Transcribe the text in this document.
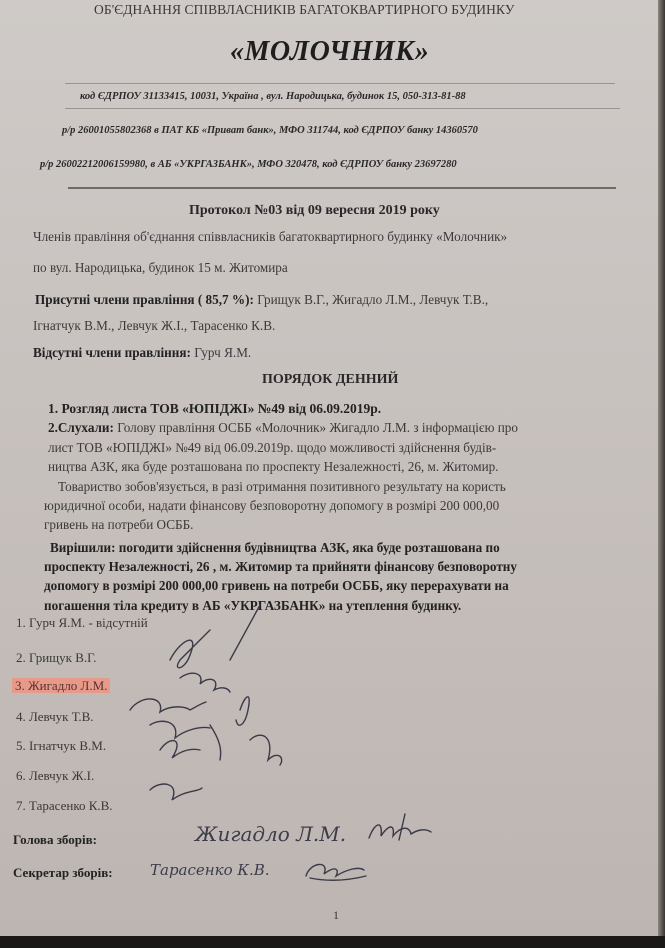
ОБ'ЄДНАННЯ СПІВВЛАСНИКІВ БАГАТОКВАРТИРНОГО БУДИНКУ
«МОЛОЧНИК»
код ЄДРПОУ 31133415, 10031, Україна , вул. Народицька, будинок 15, 050-313-81-88
р/р 26001055802368 в ПАТ КБ «Приват банк», МФО 311744, код ЄДРПОУ банку 14360570
р/р 26002212006159980, в АБ «УКРГАЗБАНК», МФО 320478, код ЄДРПОУ банку 23697280
Протокол №03 від 09 вересня 2019 року
Членів правління об'єднання співвласників багатоквартирного будинку «Молочник»
по вул. Народицька, будинок 15 м. Житомира
Присутні члени правління ( 85,7 %): Грищук В.Г., Жигадло Л.М., Левчук Т.В.,
Ігнатчук В.М., Левчук Ж.І., Тарасенко К.В.
Відсутні члени правління: Гурч Я.М.
ПОРЯДОК ДЕННИЙ
1. Розгляд листа ТОВ «ЮПІДЖІ» №49 від 06.09.2019р.
2.Слухали: Голову правління ОСББ «Молочник» Жигадло Л.М. з інформацією про
лист ТОВ «ЮПІДЖІ» №49 від 06.09.2019р. щодо можливості здійснення будів-
ництва АЗК, яка буде розташована по проспекту Незалежності, 26, м. Житомир.
Товариство зобов'язується, в разі отримання позитивного результату на користь
юридичної особи, надати фінансову безповоротну допомогу в розмірі 200 000,00
гривень на потреби ОСББ.
Вирішили: погодити здійснення будівництва АЗК, яка буде розташована по
проспекту Незалежності, 26 , м. Житомир та прийняти фінансову безповоротну
допомогу в розмірі 200 000,00 гривень на потреби ОСББ, яку перерахувати на
погашення тіла кредиту в АБ «УКРГАЗБАНК» на утеплення будинку.
1. Гурч Я.М. - відсутній
2. Грищук В.Г.
3. Жигадло Л.М.
4. Левчук Т.В.
5. Ігнатчук В.М.
6. Левчук Ж.І.
7. Тарасенко К.В.
Голова зборів:	Жигадло Л.М.
Секретар зборів: Тарасенко К.В.
1
